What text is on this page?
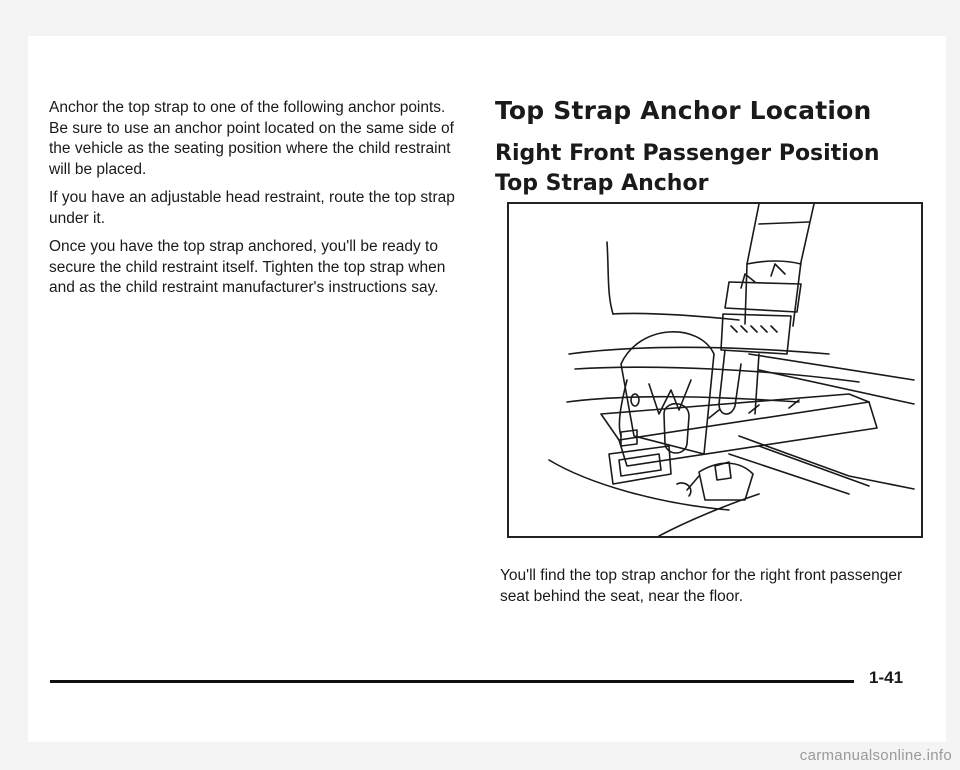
Anchor the top strap to one of the following anchor points. Be sure to use an anchor point located on the same side of the vehicle as the seating position where the child restraint will be placed.

If you have an adjustable head restraint, route the top strap under it.

Once you have the top strap anchored, you'll be ready to secure the child restraint itself. Tighten the top strap when and as the child restraint manufacturer's instructions say.

Top Strap Anchor Location
Right Front Passenger Position Top Strap Anchor

You'll find the top strap anchor for the right front passenger seat behind the seat, near the floor.

1-41
carmanualsonline.info
